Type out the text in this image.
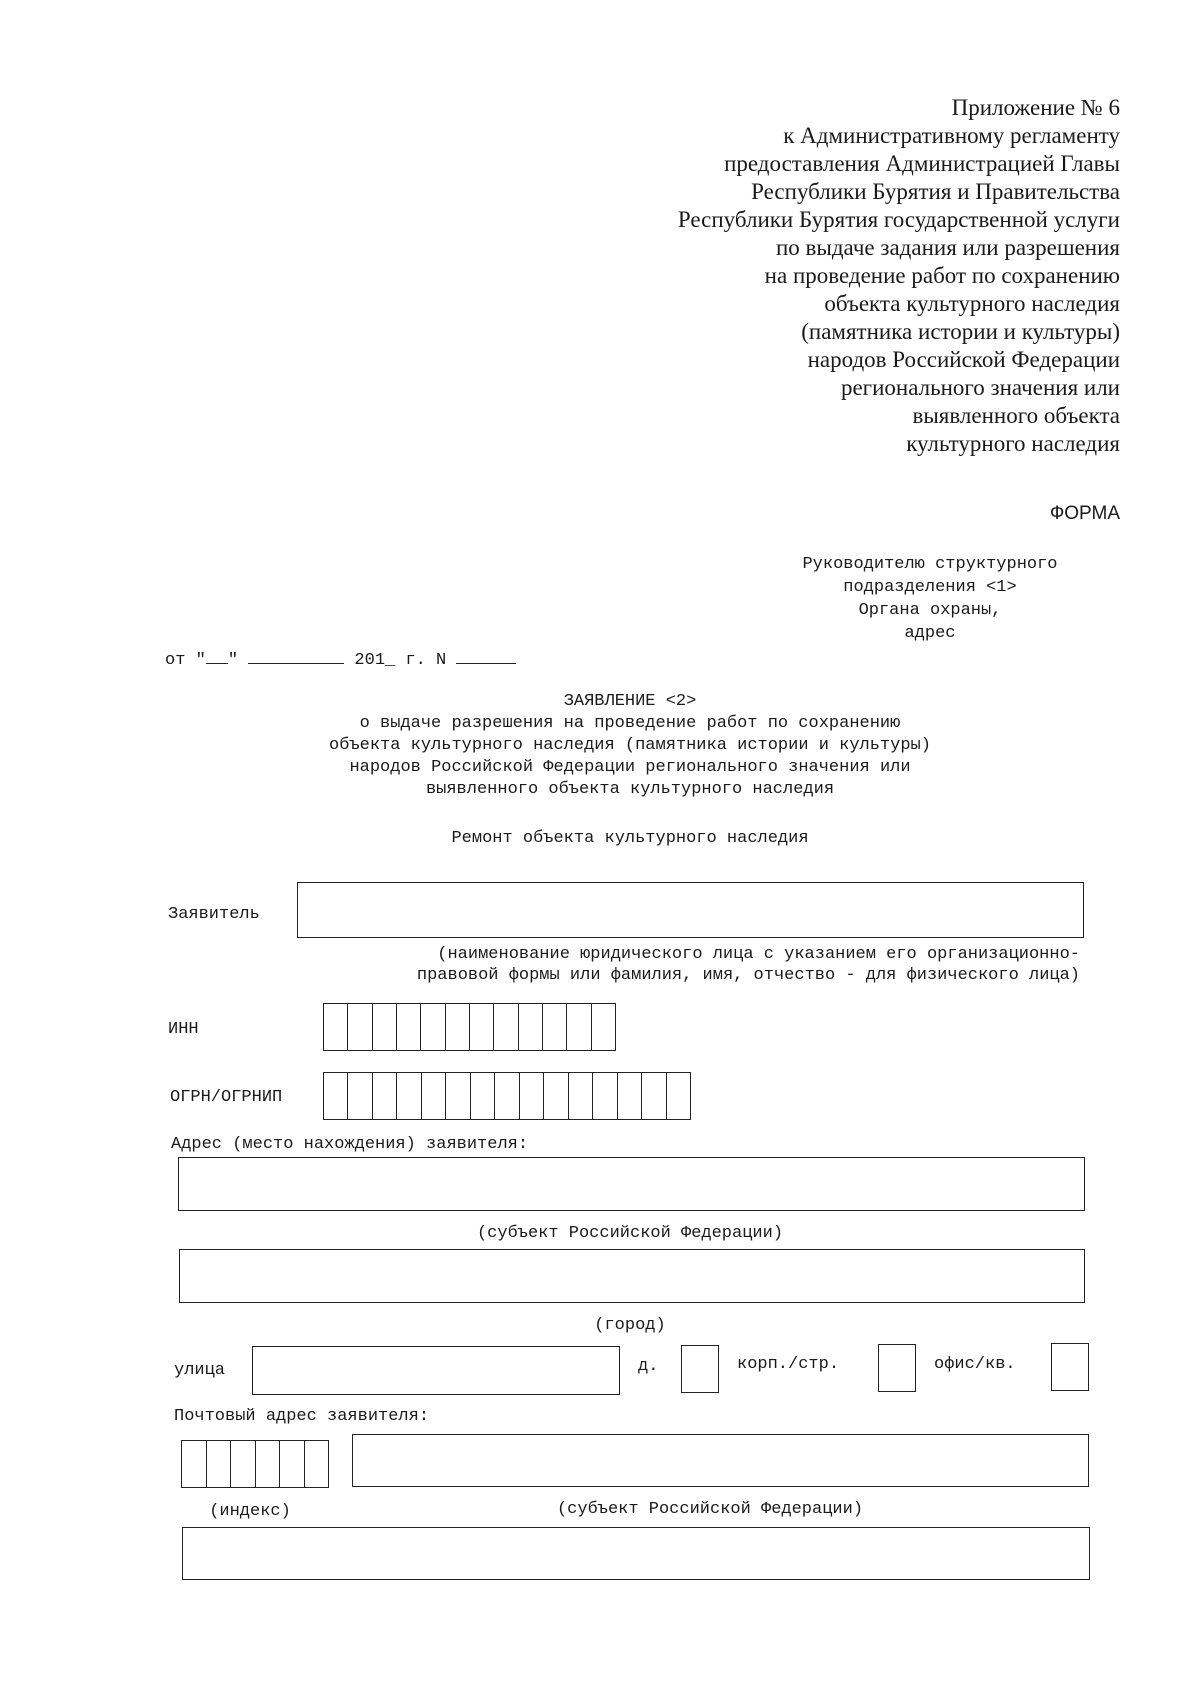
Приложение № 6
к Административному регламенту
предоставления Администрацией Главы
Республики Бурятия и Правительства
Республики Бурятия государственной услуги
по выдаче задания или разрешения
на проведение работ по сохранению
объекта культурного наследия
(памятника истории и культуры)
народов Российской Федерации
регионального значения или
выявленного объекта
культурного наследия
ФОРМА
Руководителю структурного
подразделения <1>
Органа охраны,
адрес
от " "	201_ г. N
ЗАЯВЛЕНИЕ <2>
о выдаче разрешения на проведение работ по сохранению
объекта культурного наследия (памятника истории и культуры)
народов Российской Федерации регионального значения или
выявленного объекта культурного наследия
Ремонт объекта культурного наследия
Заявитель
(наименование юридического лица с указанием его организационно-
правовой формы или фамилия, имя, отчество - для физического лица)
ИНН
ОГРН/ОГРНИП
Адрес (место нахождения) заявителя:
(субъект Российской Федерации)
(город)
улица	д.	корп./стр.	офис/кв.
Почтовый адрес заявителя:
(индекс)	(субъект Российской Федерации)
